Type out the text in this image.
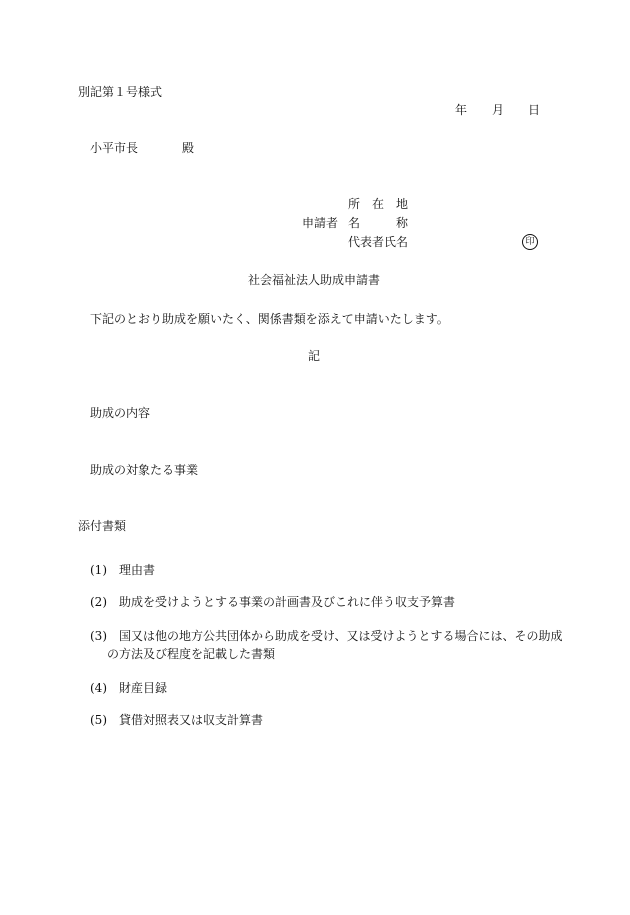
別記第１号様式
年 月 日
小平市長	殿
所　在　地
申請者 名　　　称
代表者氏名	印
社会福祉法人助成申請書
下記のとおり助成を願いたく、関係書類を添えて申請いたします。
記
助成の内容
助成の対象たる事業
添付書類
(1) 理由書
(2) 助成を受けようとする事業の計画書及びこれに伴う収支予算書
(3) 国又は他の地方公共団体から助成を受け、又は受けようとする場合には、その助成
の方法及び程度を記載した書類
(4) 財産目録
(5) 貸借対照表又は収支計算書
